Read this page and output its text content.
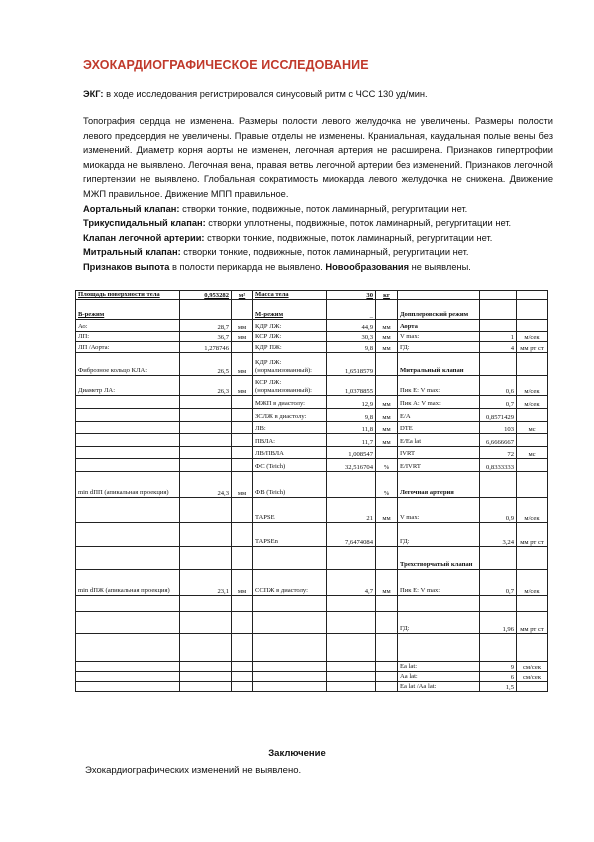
ЭХОКАРДИОГРАФИЧЕСКОЕ ИССЛЕДОВАНИЕ
ЭКГ: в ходе исследования регистрировался синусовый ритм с ЧСС 130 уд/мин.

Топография сердца не изменена. Размеры полости левого желудочка не увеличены. Размеры полости левого предсердия не увеличены. Правые отделы не изменены. Краниальная, каудальная полые вены без изменений. Диаметр корня аорты не изменен, легочная артерия не расширена. Признаков гипертрофии миокарда не выявлено. Легочная вена, правая ветвь легочной артерии без изменений. Признаков легочной гипертензии не выявлено. Глобальная сократимость миокарда левого желудочка не снижена. Движение МЖП правильное. Движение МПП правильное.

Аортальный клапан: створки тонкие, подвижные, поток ламинарный, регургитации нет.

Трикуспидальный клапан: створки уплотнены, подвижные, поток ламинарный, регургитации нет.

Клапан легочной артерии: створки тонкие, подвижные, поток ламинарный, регургитации нет.

Митральный клапан: створки тонкие, подвижные, поток ламинарный, регургитации нет.

Признаков выпота в полости перикарда не выявлено. Новообразования не выявлены.

Площадь поверхности тела	0,953282	м²	Масса тела	30	кг			
В-режим			М-режим	_		Допплеровский режим		
Ао:	28,7	мм	КДР ЛЖ:	44,9	мм	Аорта		
ЛП:	36,7	мм	КСР ЛЖ:	30,3	мм	V max:	1	м/сек
ЛП /Аорта:	1,278746		КДР ПЖ:	9,8	мм	ГД:	4	мм рт ст
Фиброзное кольцо КЛА:	26,5	мм	КДР ЛЖ: (нормализованный):	1,6518579		Митральный клапан		
Диаметр ЛА:	26,3	мм	КСР ЛЖ: (нормализованный):	1,0378855		Пик Е: V max:	0,6	м/сек
			МЖП в диастолу:	12,9	мм	Пик А: V max:	0,7	м/сек
			ЗСЛЖ в диастолу:	9,8	мм	E/A	0,8571429	
			ЛВ:	11,8	мм	DTE	103	мс
			ПВЛА:	11,7	мм	E/Ea lat	6,6666667	
			ЛВ/ПВЛА	1,008547		IVRT	72	мс
			ФС (Teich)	32,516704	%	E/IVRT	0,8333333	
min dПП (апикальная проекция)	24,3	мм	ФВ (Teich)		%	Легочная артерия		
			TAPSE	21	мм	V max:	0,9	м/сек
			TAPSEn	7,6474084		ГД:	3,24	мм рт ст
						Трехстворчатый клапан		
min dПЖ (апикальная проекция)	23,1	мм	ССПЖ в диастолу:	4,7	мм	Пик Е: V max:	0,7	м/сек

						ГД:	1,96	мм рт ст

						Ea lat:	9	см/сек
						Aa lat:	6	см/сек
						Ea lat /Aa lat:	1,5	
Заключение
Эхокардиографических изменений не выявлено.
